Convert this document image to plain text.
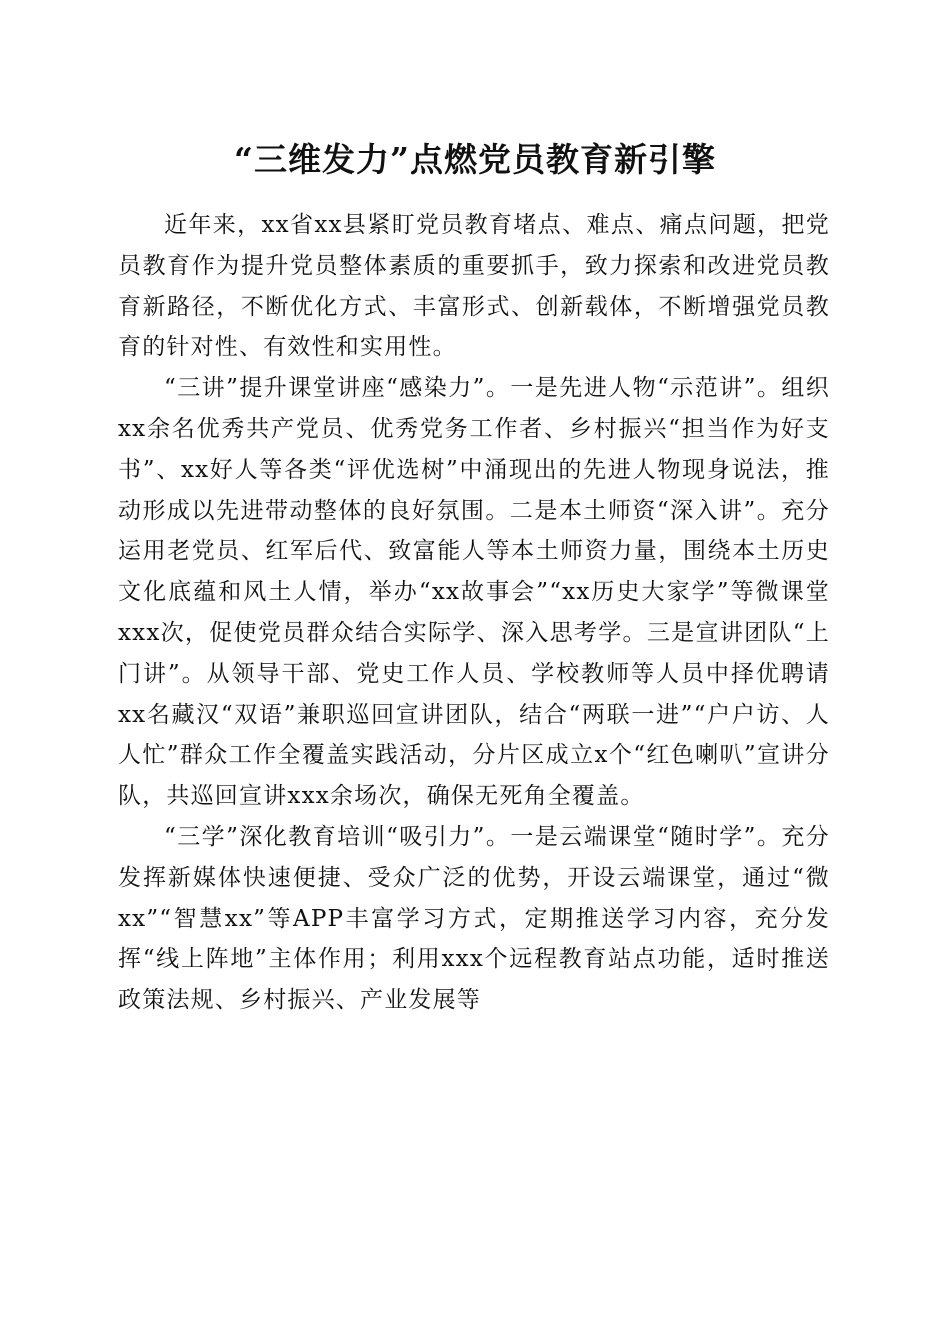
“三维发力”点燃党员教育新引擎

近年来，xx省xx县紧盯党员教育堵点、难点、痛点问题，把党员教育作为提升党员整体素质的重要抓手，致力探索和改进党员教育新路径，不断优化方式、丰富形式、创新载体，不断增强党员教育的针对性、有效性和实用性。

“三讲”提升课堂讲座“感染力”。一是先进人物“示范讲”。组织xx余名优秀共产党员、优秀党务工作者、乡村振兴“担当作为好支书”、xx好人等各类“评优选树”中涌现出的先进人物现身说法，推动形成以先进带动整体的良好氛围。二是本土师资“深入讲”。充分运用老党员、红军后代、致富能人等本土师资力量，围绕本土历史文化底蕴和风土人情，举办“xx故事会”“xx历史大家学”等微课堂xxx次，促使党员群众结合实际学、深入思考学。三是宣讲团队“上门讲”。从领导干部、党史工作人员、学校教师等人员中择优聘请xx名藏汉“双语”兼职巡回宣讲团队，结合“两联一进”“户户访、人人忙”群众工作全覆盖实践活动，分片区成立x个“红色喇叭”宣讲分队，共巡回宣讲xxx余场次，确保无死角全覆盖。

“三学”深化教育培训“吸引力”。一是云端课堂“随时学”。充分发挥新媒体快速便捷、受众广泛的优势，开设云端课堂，通过“微xx”“智慧xx”等APP丰富学习方式，定期推送学习内容，充分发挥“线上阵地”主体作用；利用xxx个远程教育站点功能，适时推送政策法规、乡村振兴、产业发展等
